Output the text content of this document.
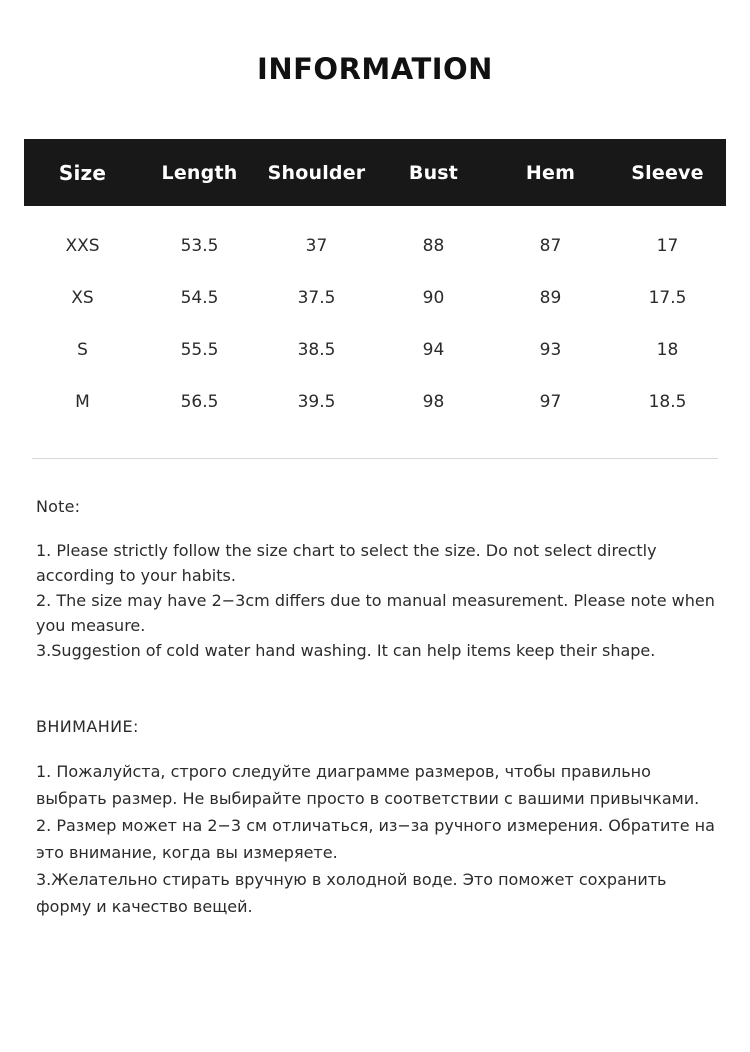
INFORMATION
Size	Length	Shoulder	Bust	Hem	Sleeve
XXS	53.5	37	88	87	17
XS	54.5	37.5	90	89	17.5
S	55.5	38.5	94	93	18
M	56.5	39.5	98	97	18.5

Note:

1. Please strictly follow the size chart to select the size. Do not select directly according to your habits.

2. The size may have 2−3cm differs due to manual measurement. Please note when you measure.

3.Suggestion of cold water hand washing. It can help items keep their shape.

ВНИМАНИЕ:

1. Пожалуйста, строго следуйте диаграмме размеров, чтобы правильно выбрать размер. Не выбирайте просто в соответствии с вашими привычками.

2. Размер может на 2−3 см отличаться, из−за ручного измерения. Обратите на это внимание, когда вы измеряете.

3.Желательно стирать вручную в холодной воде. Это поможет сохранить форму и качество вещей.
